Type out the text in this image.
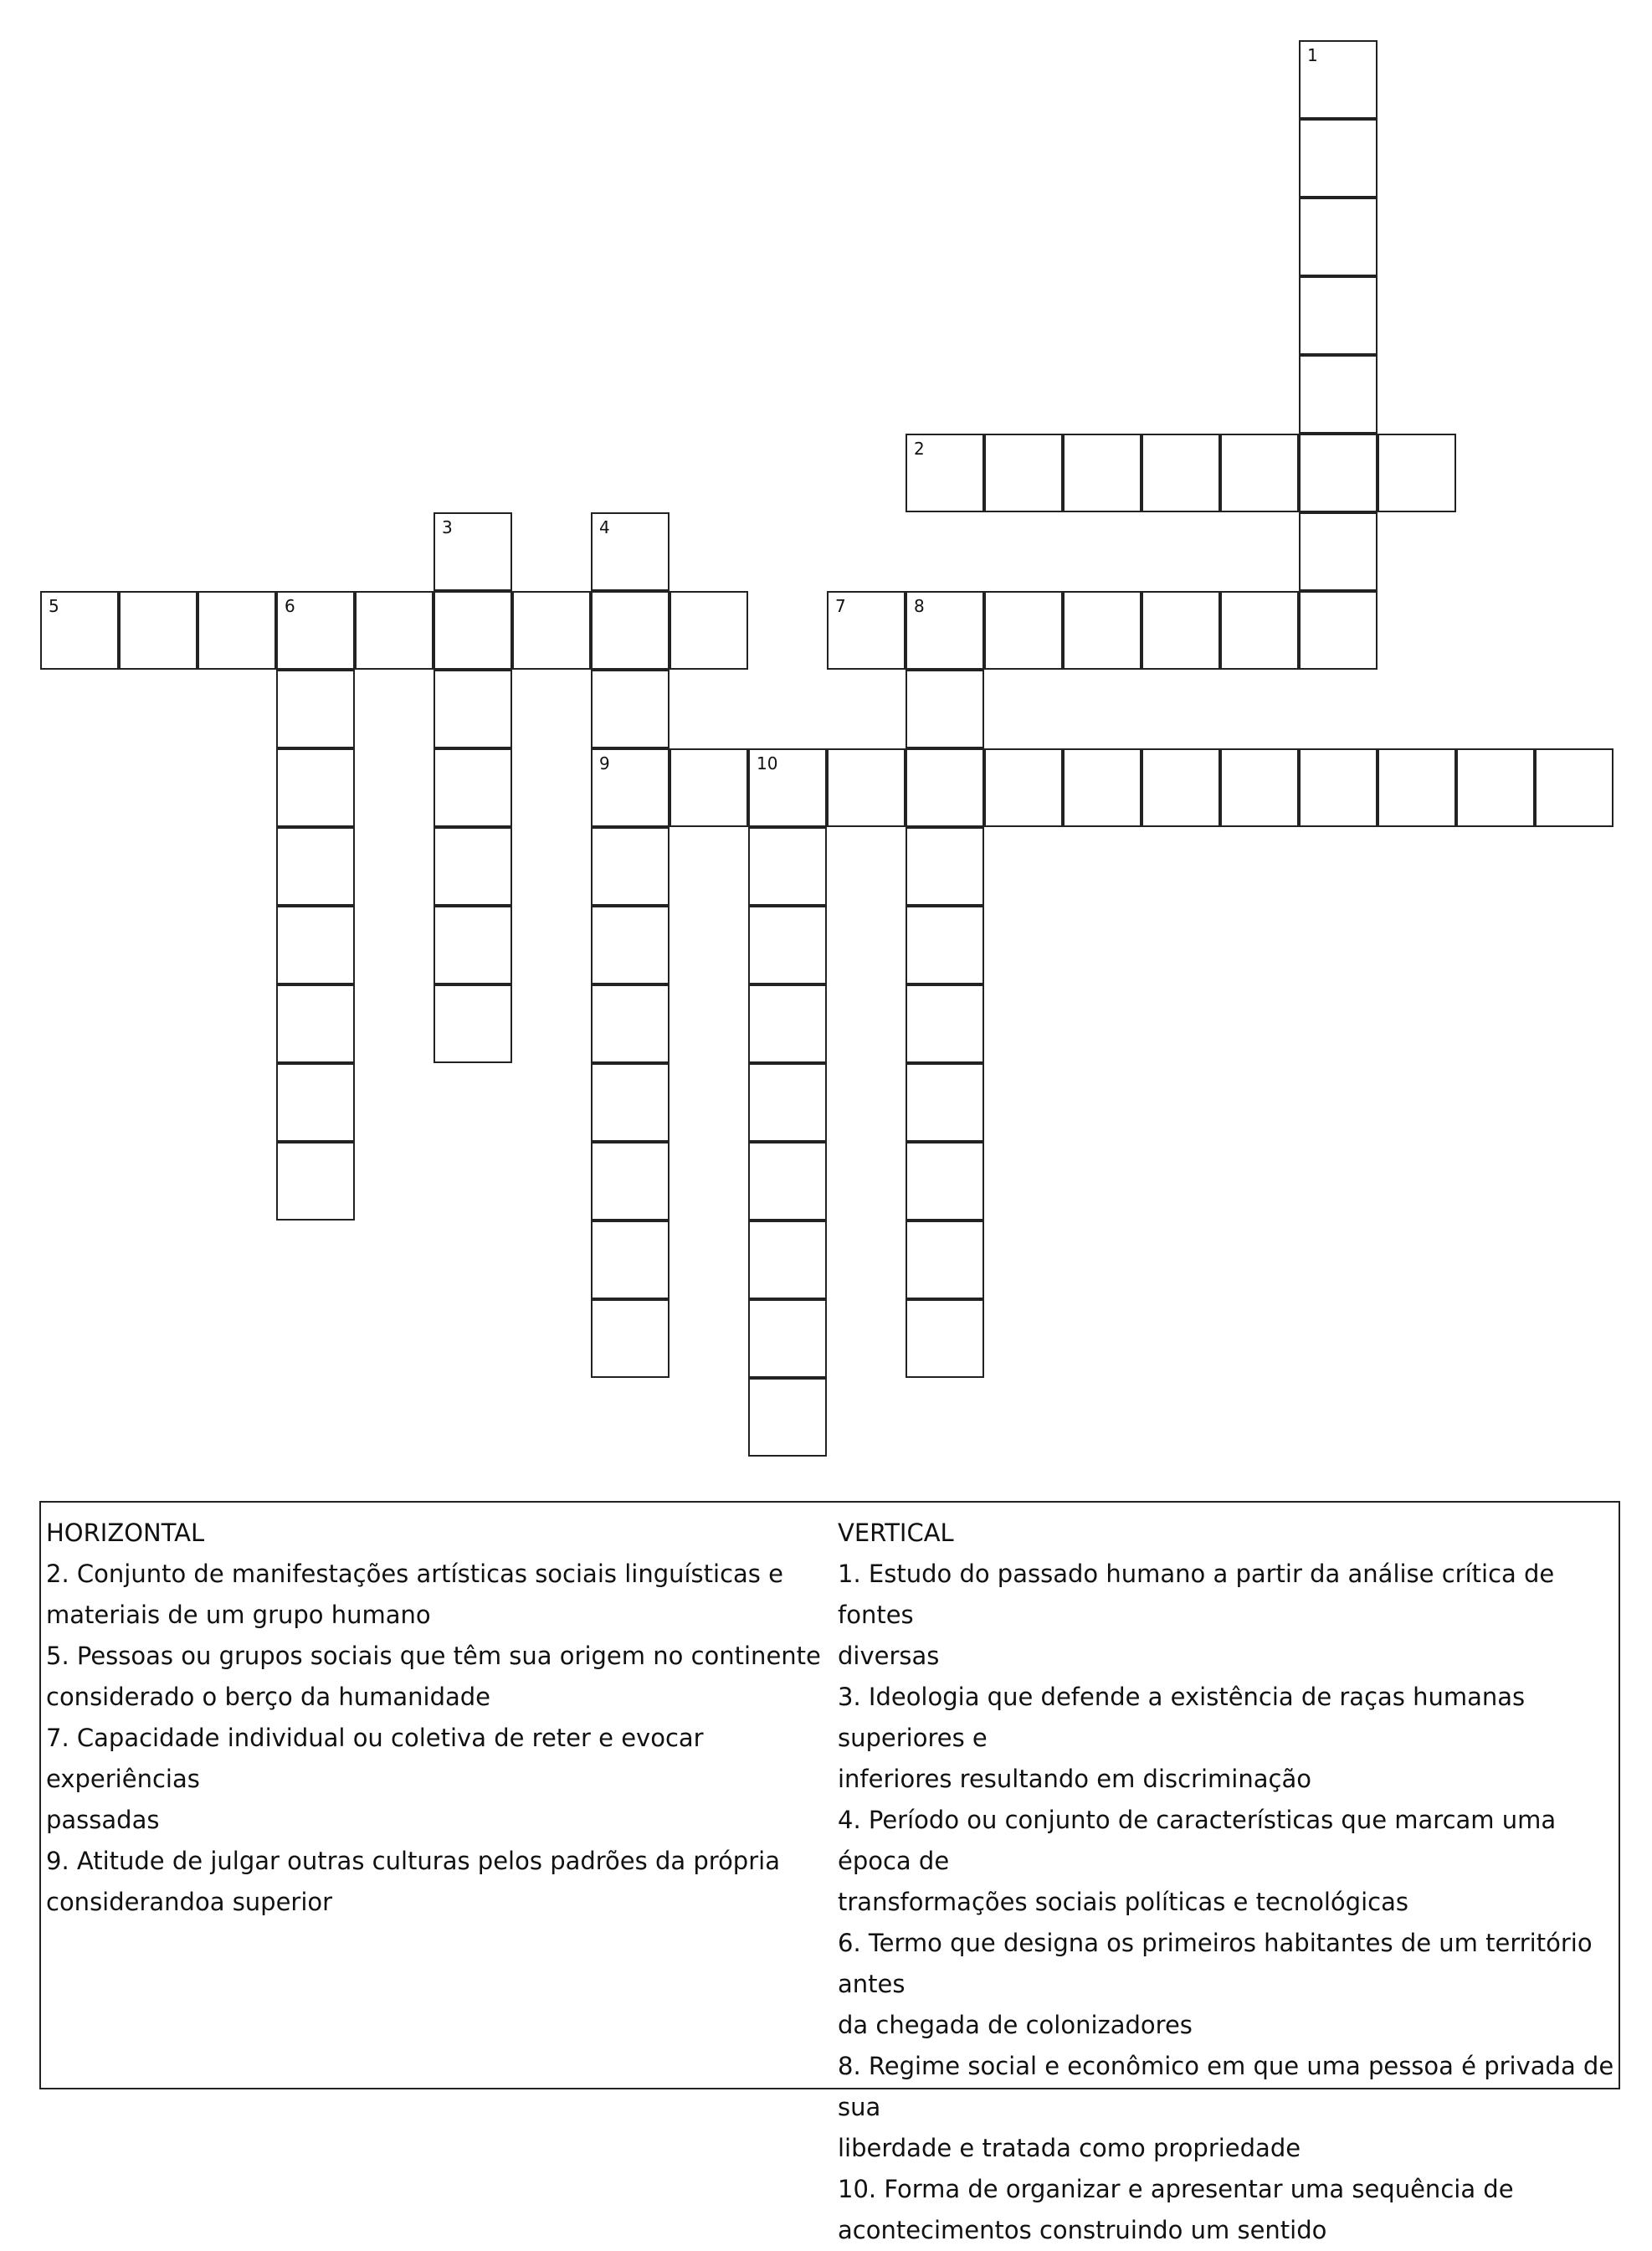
1
2
3	4
5	6	7	8
9	10
HORIZONTAL
2. Conjunto de manifestações artísticas sociais linguísticas e
materiais de um grupo humano
5. Pessoas ou grupos sociais que têm sua origem no continente
considerado o berço da humanidade
7. Capacidade individual ou coletiva de reter e evocar experiências
passadas
9. Atitude de julgar outras culturas pelos padrões da própria
considerandoa superior
VERTICAL
1. Estudo do passado humano a partir da análise crítica de fontes
diversas
3. Ideologia que defende a existência de raças humanas superiores e
inferiores resultando em discriminação
4. Período ou conjunto de características que marcam uma época de
transformações sociais políticas e tecnológicas
6. Termo que designa os primeiros habitantes de um território antes
da chegada de colonizadores
8. Regime social e econômico em que uma pessoa é privada de sua
liberdade e tratada como propriedade
10. Forma de organizar e apresentar uma sequência de
acontecimentos construindo um sentido
